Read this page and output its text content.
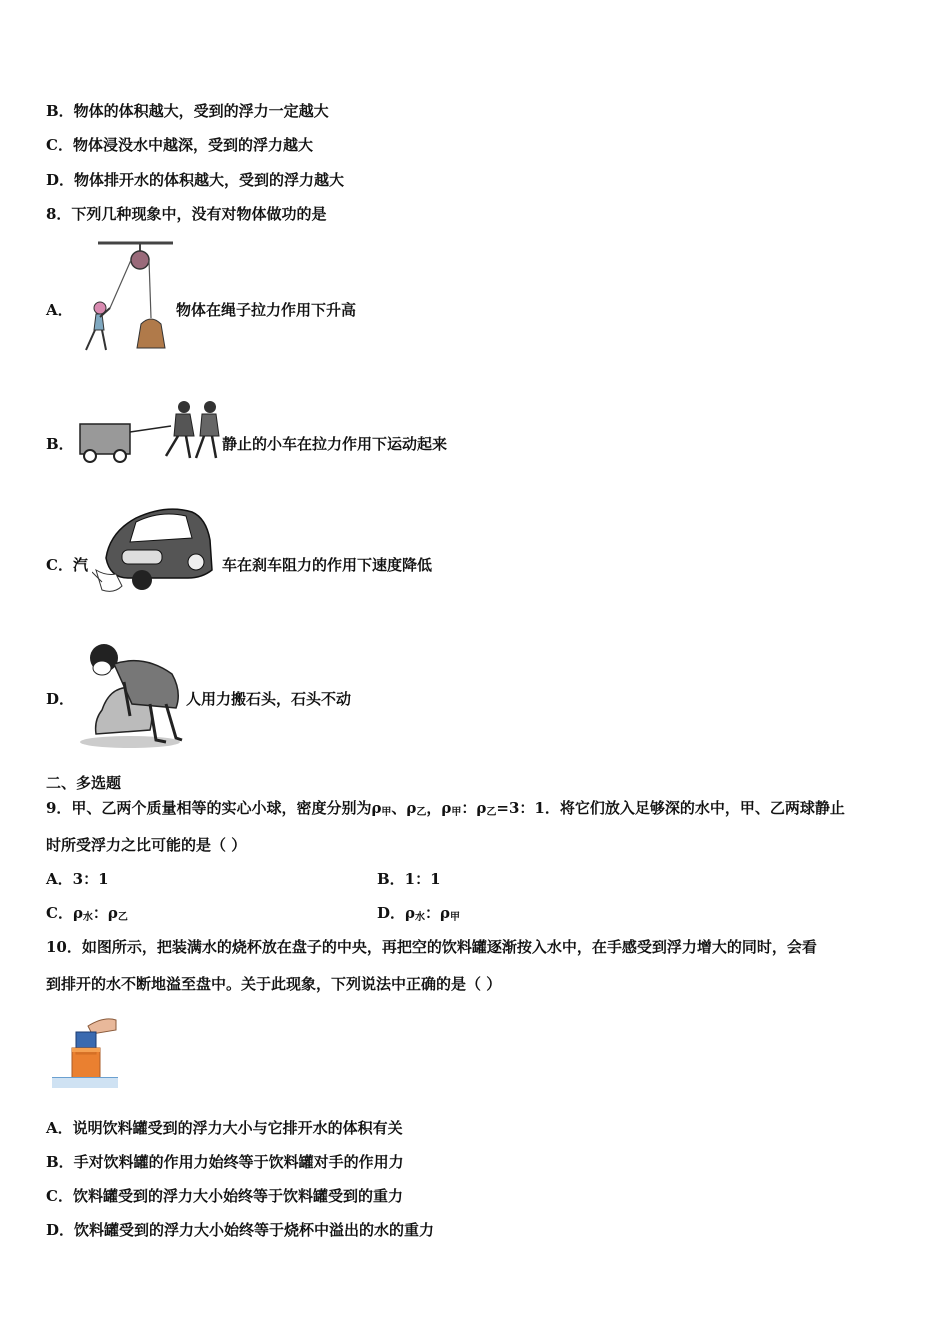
B．物体的体积越大，受到的浮力一定越大
C．物体浸没水中越深，受到的浮力越大
D．物体排开水的体积越大，受到的浮力越大
8．下列几种现象中，没有对物体做功的是
A．	物体在绳子拉力作用下升高
B．	静止的小车在拉力作用下运动起来
C．汽	车在刹车阻力的作用下速度降低
D．	人用力搬石头，石头不动
二、多选题
9．甲、乙两个质量相等的实心小球，密度分别为$\rho_甲$、$\rho_乙$，$\rho_甲$：$\rho_乙=3$：1．将它们放入足够深的水中，甲、乙两球静止
时所受浮力之比可能的是（ ）
A．3：1	B．1：1
C．$\rho_水$：$\rho_乙$	D．$\rho_水$：$\rho_甲$
10．如图所示，把装满水的烧杯放在盘子的中央，再把空的饮料罐逐渐按入水中，在手感受到浮力增大的同时，会看
到排开的水不断地溢至盘中。关于此现象，下列说法中正确的是（ ）
A．说明饮料罐受到的浮力大小与它排开水的体积有关
B．手对饮料罐的作用力始终等于饮料罐对手的作用力
C．饮料罐受到的浮力大小始终等于饮料罐受到的重力
D．饮料罐受到的浮力大小始终等于烧杯中溢出的水的重力
